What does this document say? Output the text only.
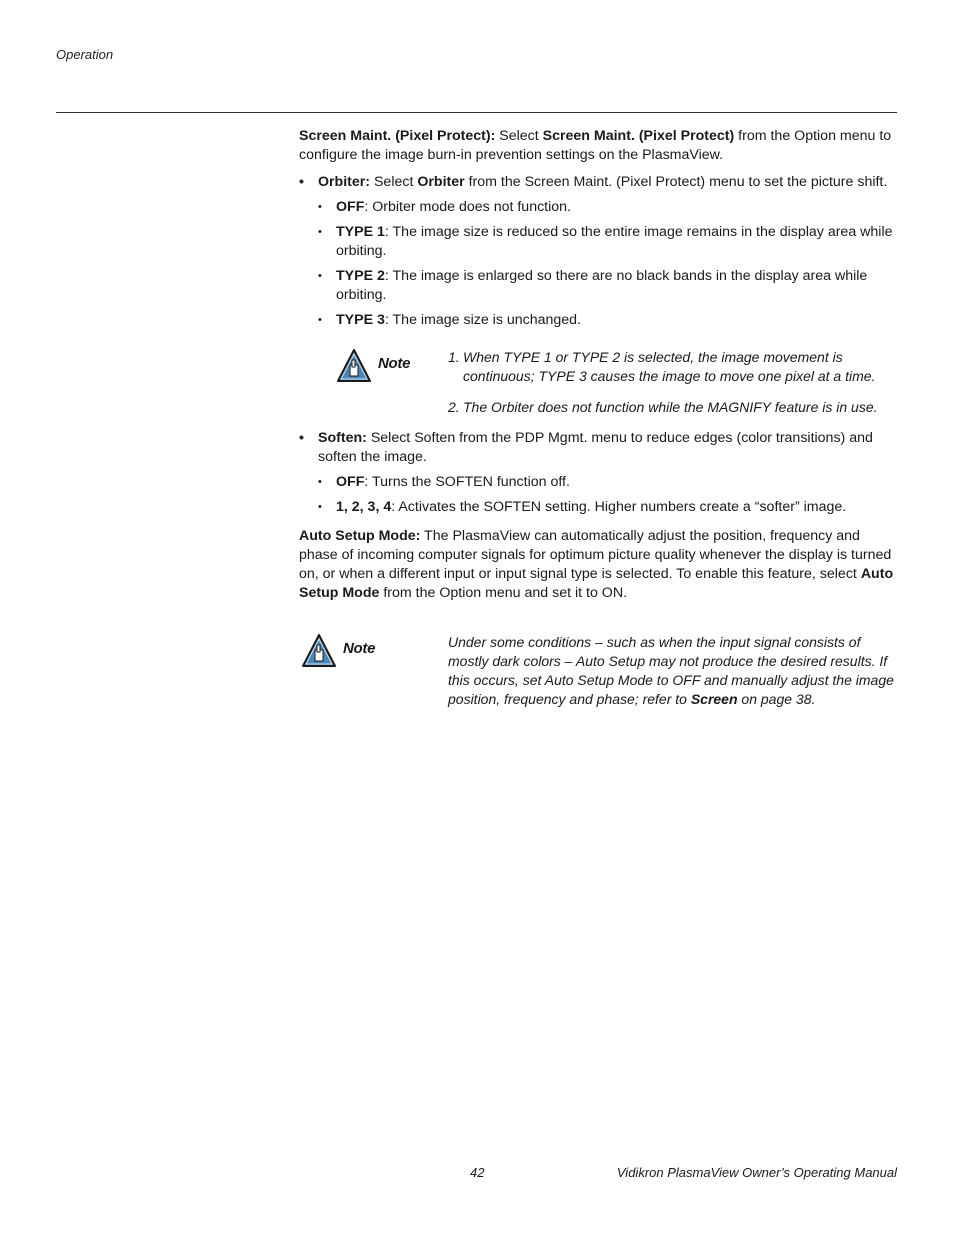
Operation

Screen Maint. (Pixel Protect): Select Screen Maint. (Pixel Protect) from the Option menu to configure the image burn-in prevention settings on the PlasmaView.

• Orbiter: Select Orbiter from the Screen Maint. (Pixel Protect) menu to set the picture shift.
• OFF: Orbiter mode does not function.
• TYPE 1: The image size is reduced so the entire image remains in the display area while orbiting.
• TYPE 2: The image is enlarged so there are no black bands in the display area while orbiting.
• TYPE 3: The image size is unchanged.
Note	1. When TYPE 1 or TYPE 2 is selected, the image movement is continuous; TYPE 3 causes the image to move one pixel at a time.
2. The Orbiter does not function while the MAGNIFY feature is in use.
• Soften: Select Soften from the PDP Mgmt. menu to reduce edges (color transitions) and soften the image.
• OFF: Turns the SOFTEN function off.
• 1, 2, 3, 4: Activates the SOFTEN setting. Higher numbers create a “softer” image.

Auto Setup Mode: The PlasmaView can automatically adjust the position, frequency and phase of incoming computer signals for optimum picture quality whenever the display is turned on, or when a different input or input signal type is selected. To enable this feature, select Auto Setup Mode from the Option menu and set it to ON.

Note	Under some conditions – such as when the input signal consists of mostly dark colors – Auto Setup may not produce the desired results. If this occurs, set Auto Setup Mode to OFF and manually adjust the image position, frequency and phase; refer to Screen on page 38.
42	Vidikron PlasmaView Owner’s Operating Manual
